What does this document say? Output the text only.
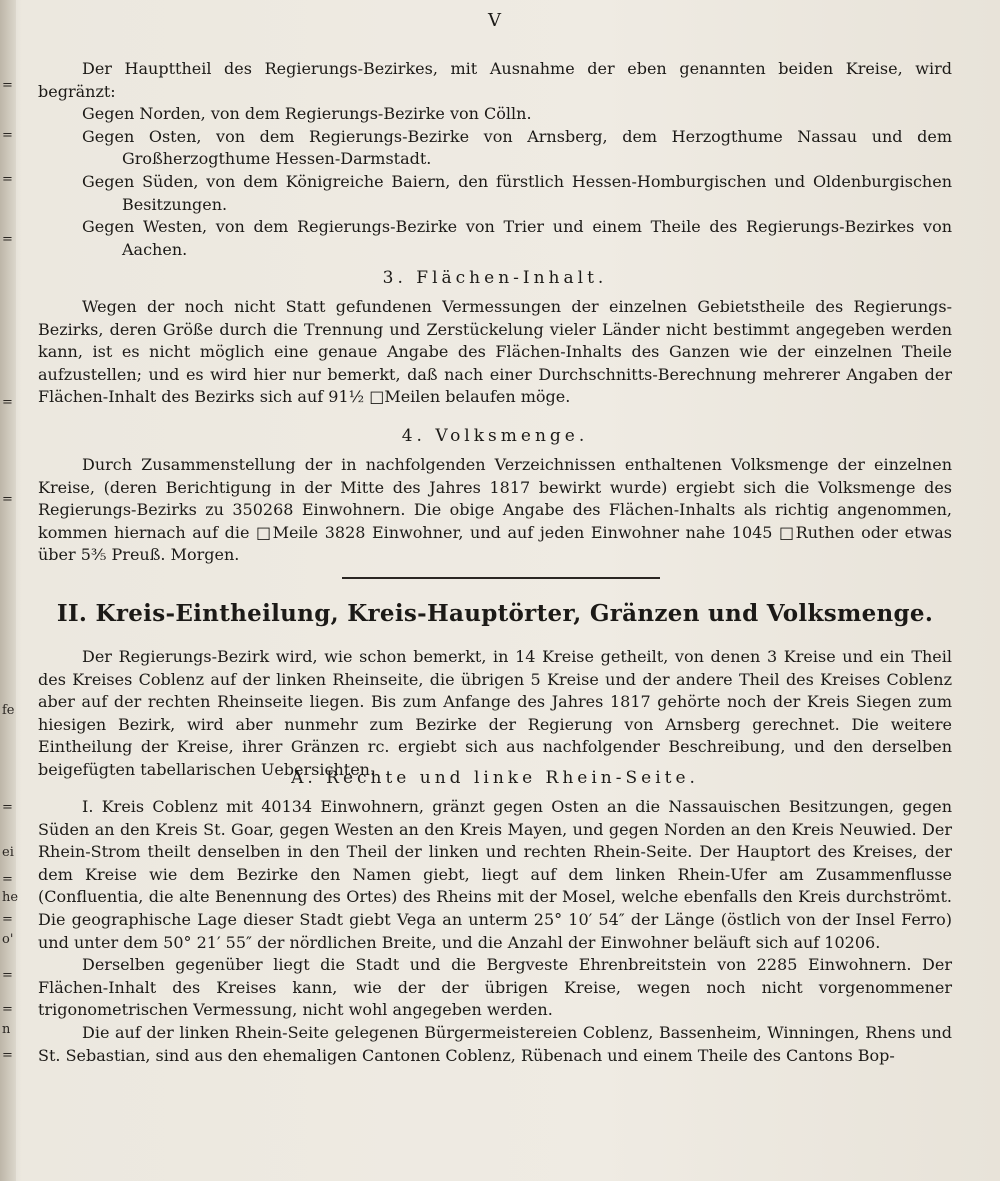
=
=
=
=
=
=
fe
=
ei
=
he
=
o'
=
=
n
=
V

Der Haupttheil des Regierungs-Bezirkes, mit Ausnahme der eben genannten beiden Kreise, wird begränzt:

Gegen Norden, von dem Regierungs-Bezirke von Cölln.

Gegen Osten, von dem Regierungs-Bezirke von Arnsberg, dem Herzogthume Nassau und dem Großherzogthume Hessen-Darmstadt.

Gegen Süden, von dem Königreiche Baiern, den fürstlich Hessen-Homburgischen und Oldenburgischen Besitzungen.

Gegen Westen, von dem Regierungs-Bezirke von Trier und einem Theile des Regierungs-Bezirkes von Aachen.

3. Flächen-Inhalt.

Wegen der noch nicht Statt gefundenen Vermessungen der einzelnen Gebietstheile des Regierungs-Bezirks, deren Größe durch die Trennung und Zerstückelung vieler Länder nicht bestimmt angegeben werden kann, ist es nicht möglich eine genaue Angabe des Flächen-Inhalts des Ganzen wie der einzelnen Theile aufzustellen; und es wird hier nur bemerkt, daß nach einer Durchschnitts-Berechnung mehrerer Angaben der Flächen-Inhalt des Bezirks sich auf 91½ □Meilen belaufen möge.

4. Volksmenge.

Durch Zusammenstellung der in nachfolgenden Verzeichnissen enthaltenen Volksmenge der einzelnen Kreise, (deren Berichtigung in der Mitte des Jahres 1817 bewirkt wurde) ergiebt sich die Volksmenge des Regierungs-Bezirks zu 350268 Einwohnern. Die obige Angabe des Flächen-Inhalts als richtig angenommen, kommen hiernach auf die □Meile 3828 Einwohner, und auf jeden Einwohner nahe 1045 □Ruthen oder etwas über 5⅗ Preuß. Morgen.

II. Kreis-Eintheilung, Kreis-Hauptörter, Gränzen und Volksmenge.

Der Regierungs-Bezirk wird, wie schon bemerkt, in 14 Kreise getheilt, von denen 3 Kreise und ein Theil des Kreises Coblenz auf der linken Rheinseite, die übrigen 5 Kreise und der andere Theil des Kreises Coblenz aber auf der rechten Rheinseite liegen. Bis zum Anfange des Jahres 1817 gehörte noch der Kreis Siegen zum hiesigen Bezirk, wird aber nunmehr zum Bezirke der Regierung von Arnsberg gerechnet. Die weitere Eintheilung der Kreise, ihrer Gränzen rc. ergiebt sich aus nachfolgender Beschreibung, und den derselben beigefügten tabellarischen Uebersichten.

A. Rechte und linke Rhein-Seite.

I. Kreis Coblenz mit 40134 Einwohnern, gränzt gegen Osten an die Nassauischen Besitzungen, gegen Süden an den Kreis St. Goar, gegen Westen an den Kreis Mayen, und gegen Norden an den Kreis Neuwied. Der Rhein-Strom theilt denselben in den Theil der linken und rechten Rhein-Seite. Der Hauptort des Kreises, der dem Kreise wie dem Bezirke den Namen giebt, liegt auf dem linken Rhein-Ufer am Zusammenflusse (Confluentia, die alte Benennung des Ortes) des Rheins mit der Mosel, welche ebenfalls den Kreis durchströmt. Die geographische Lage dieser Stadt giebt Vega an unterm 25° 10′ 54″ der Länge (östlich von der Insel Ferro) und unter dem 50° 21′ 55″ der nördlichen Breite, und die Anzahl der Einwohner beläuft sich auf 10206.

Derselben gegenüber liegt die Stadt und die Bergveste Ehrenbreitstein von 2285 Einwohnern. Der Flächen-Inhalt des Kreises kann, wie der der übrigen Kreise, wegen noch nicht vorgenommener trigonometrischen Vermessung, nicht wohl angegeben werden.

Die auf der linken Rhein-Seite gelegenen Bürgermeistereien Coblenz, Bassenheim, Winningen, Rhens und St. Sebastian, sind aus den ehemaligen Cantonen Coblenz, Rübenach und einem Theile des Cantons Bop-
